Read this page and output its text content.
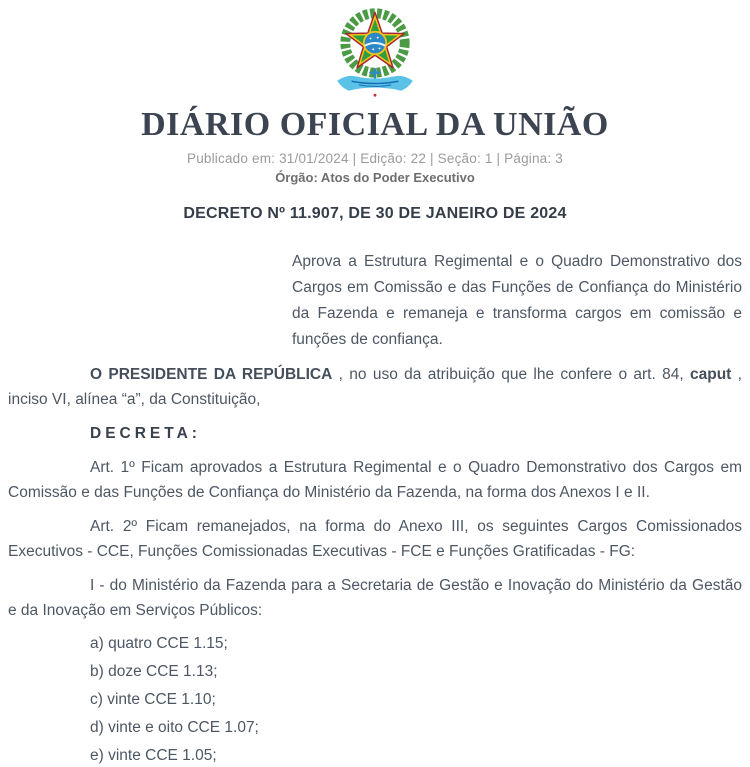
DIÁRIO OFICIAL DA UNIÃO
Publicado em: 31/01/2024 | Edição: 22 | Seção: 1 | Página: 3
Órgão: Atos do Poder Executivo
DECRETO Nº 11.907, DE 30 DE JANEIRO DE 2024

Aprova a Estrutura Regimental e o Quadro Demonstrativo dos Cargos em Comissão e das Funções de Confiança do Ministério da Fazenda e remaneja e transforma cargos em comissão e funções de confiança.

O PRESIDENTE DA REPÚBLICA , no uso da atribuição que lhe confere o art. 84, caput , inciso VI, alínea “a”, da Constituição,

DECRETA:

Art. 1º Ficam aprovados a Estrutura Regimental e o Quadro Demonstrativo dos Cargos em Comissão e das Funções de Confiança do Ministério da Fazenda, na forma dos Anexos I e II.

Art. 2º Ficam remanejados, na forma do Anexo III, os seguintes Cargos Comissionados Executivos - CCE, Funções Comissionadas Executivas - FCE e Funções Gratificadas - FG:

I - do Ministério da Fazenda para a Secretaria de Gestão e Inovação do Ministério da Gestão e da Inovação em Serviços Públicos:

a) quatro CCE 1.15;

b) doze CCE 1.13;

c) vinte CCE 1.10;

d) vinte e oito CCE 1.07;

e) vinte CCE 1.05;
